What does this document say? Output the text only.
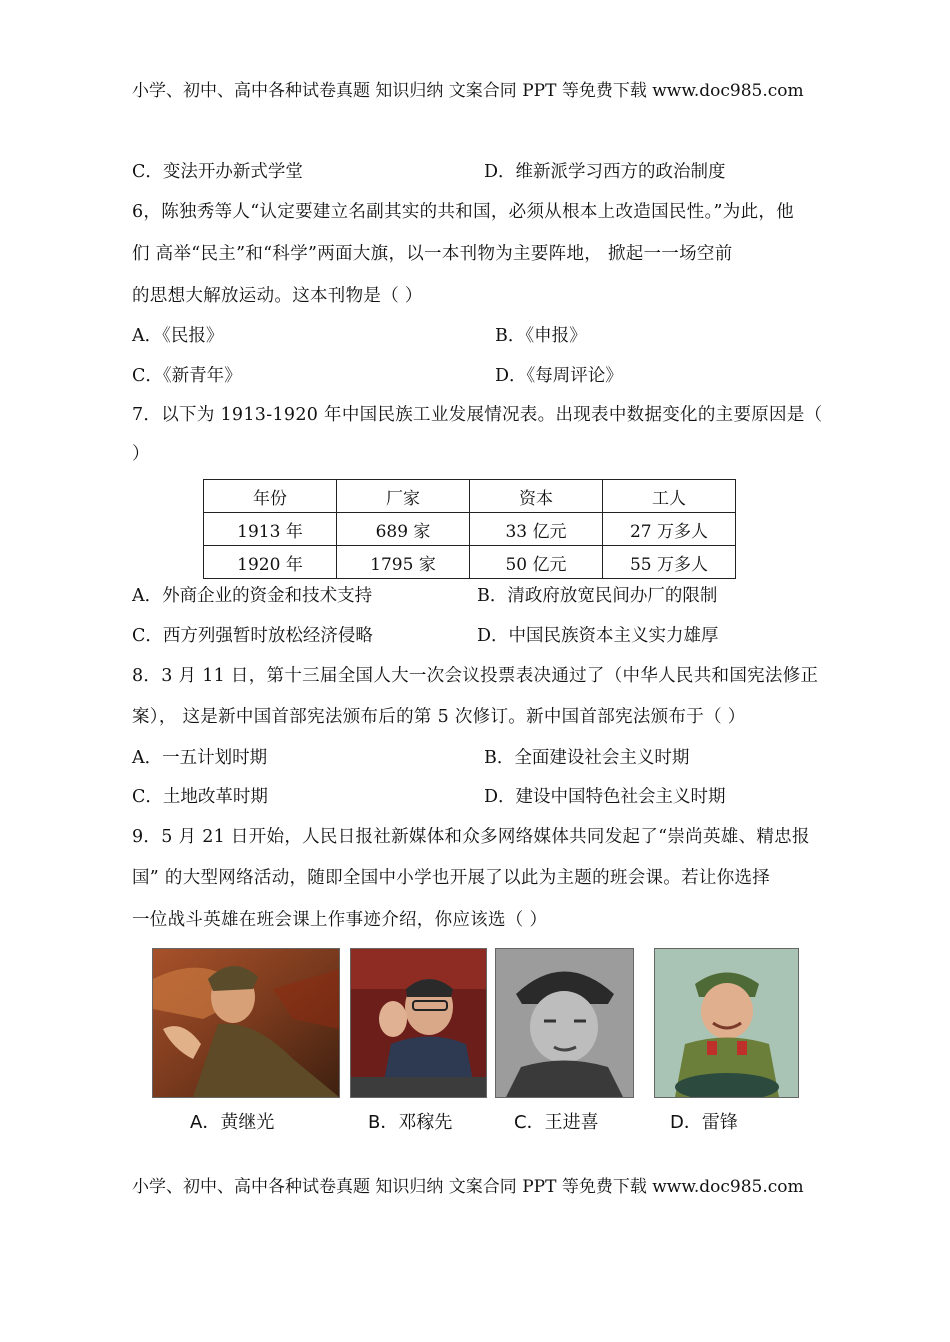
小学、初中、高中各种试卷真题 知识归纳 文案合同 PPT 等免费下载 www.doc985.com
C．变法开办新式学堂	D．维新派学习西方的政治制度
6，陈独秀等人“认定要建立名副其实的共和国，必须从根本上改造国民性。”为此，他
们 高举“民主”和“科学”两面大旗，以一本刊物为主要阵地， 掀起一一场空前
的思想大解放运动。这本刊物是（ ）
A．《民报》	B．《申报》
C．《新青年》	D．《每周评论》
7．以下为 1913-1920 年中国民族工业发展情况表。出现表中数据变化的主要原因是（
）
年份	厂家	资本	工人
1913 年	689 家	33 亿元	27 万多人
1920 年	1795 家	50 亿元	55 万多人
A．外商企业的资金和技术支持	B．清政府放宽民间办厂的限制
C．西方列强暂时放松经济侵略	D．中国民族资本主义实力雄厚
8．3 月 11 日，第十三届全国人大一次会议投票表决通过了（中华人民共和国宪法修正
案）， 这是新中国首部宪法颁布后的第 5 次修订。新中国首部宪法颁布于（ ）
A．一五计划时期	B．全面建设社会主义时期
C．土地改革时期	D．建设中国特色社会主义时期
9．5 月 21 日开始，人民日报社新媒体和众多网络媒体共同发起了“崇尚英雄、精忠报
国” 的大型网络活动，随即全国中小学也开展了以此为主题的班会课。若让你选择
一位战斗英雄在班会课上作事迹介绍，你应该选（ ）
A．黄继光	B．邓稼先	C．王进喜	D．雷锋
小学、初中、高中各种试卷真题 知识归纳 文案合同 PPT 等免费下载 www.doc985.com
